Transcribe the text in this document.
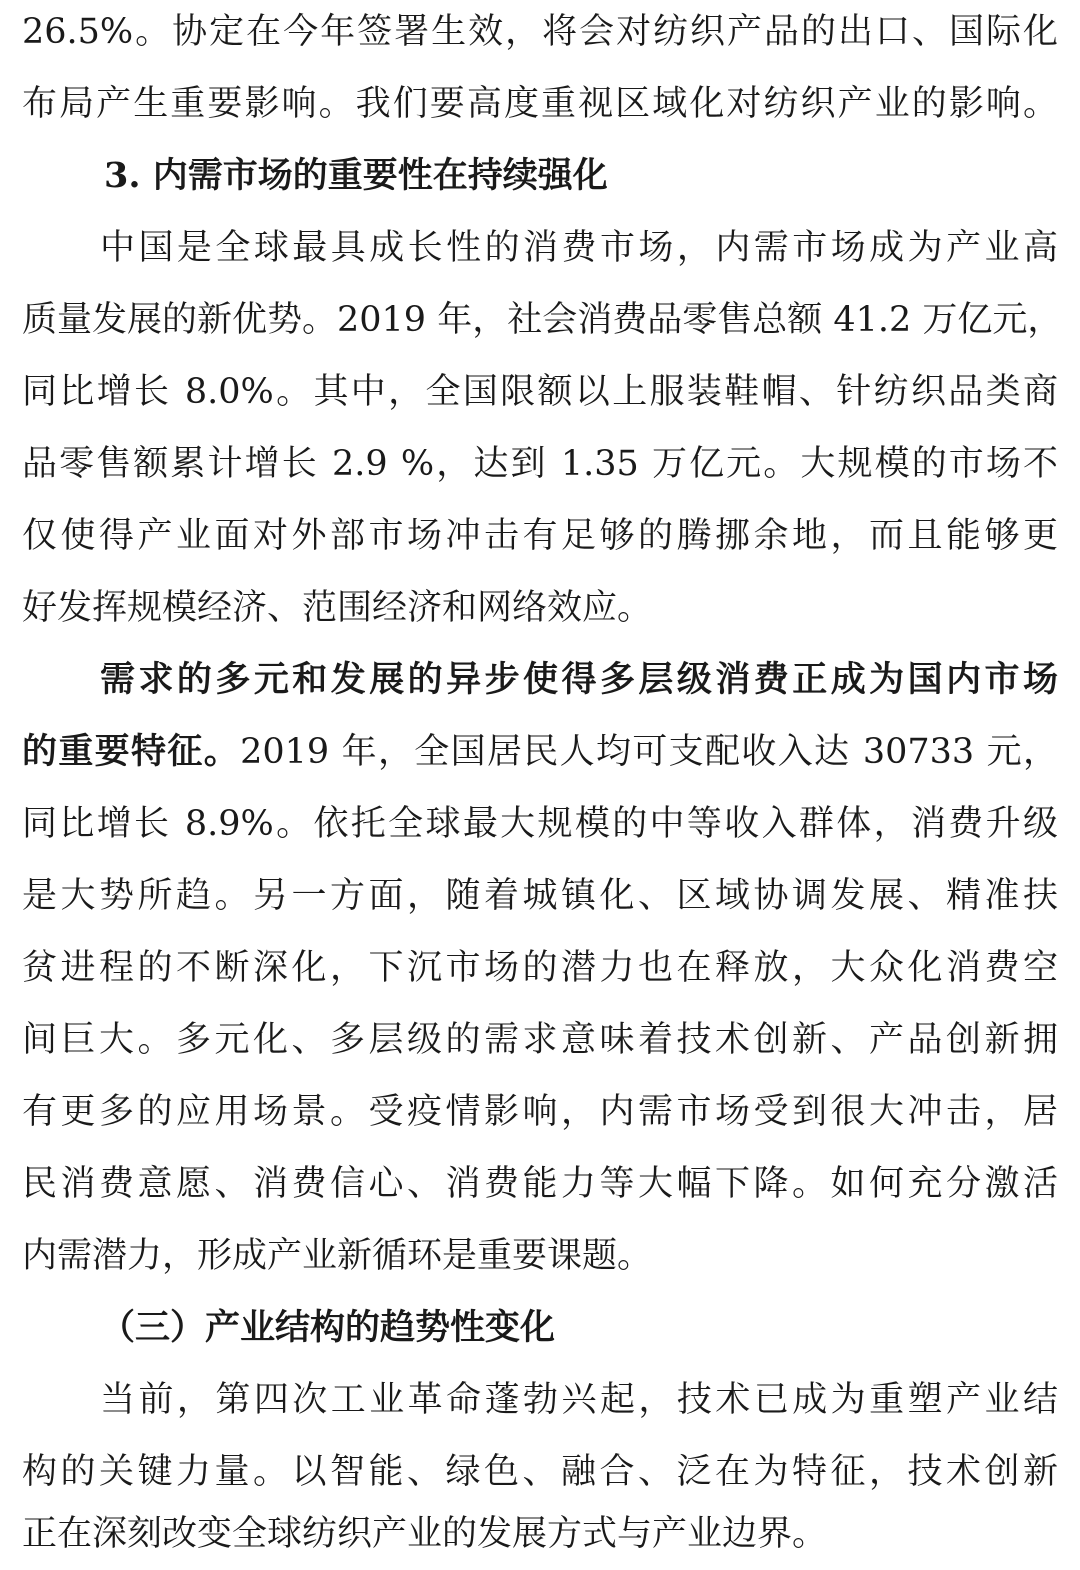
26.5%。协定在今年签署生效，将会对纺织产品的出口、国际化
布局产生重要影响。我们要高度重视区域化对纺织产业的影响。
3. 内需市场的重要性在持续强化
中国是全球最具成长性的消费市场，内需市场成为产业高
质量发展的新优势。2019 年，社会消费品零售总额 41.2 万亿元，
同比增长 8.0%。其中，全国限额以上服装鞋帽、针纺织品类商
品零售额累计增长 2.9 %，达到 1.35 万亿元。大规模的市场不
仅使得产业面对外部市场冲击有足够的腾挪余地，而且能够更
好发挥规模经济、范围经济和网络效应。
需求的多元和发展的异步使得多层级消费正成为国内市场
的重要特征。2019 年，全国居民人均可支配收入达 30733 元，
同比增长 8.9%。依托全球最大规模的中等收入群体，消费升级
是大势所趋。另一方面，随着城镇化、区域协调发展、精准扶
贫进程的不断深化，下沉市场的潜力也在释放，大众化消费空
间巨大。多元化、多层级的需求意味着技术创新、产品创新拥
有更多的应用场景。受疫情影响，内需市场受到很大冲击，居
民消费意愿、消费信心、消费能力等大幅下降。如何充分激活
内需潜力，形成产业新循环是重要课题。
（三）产业结构的趋势性变化
当前，第四次工业革命蓬勃兴起，技术已成为重塑产业结
构的关键力量。以智能、绿色、融合、泛在为特征，技术创新
正在深刻改变全球纺织产业的发展方式与产业边界。
